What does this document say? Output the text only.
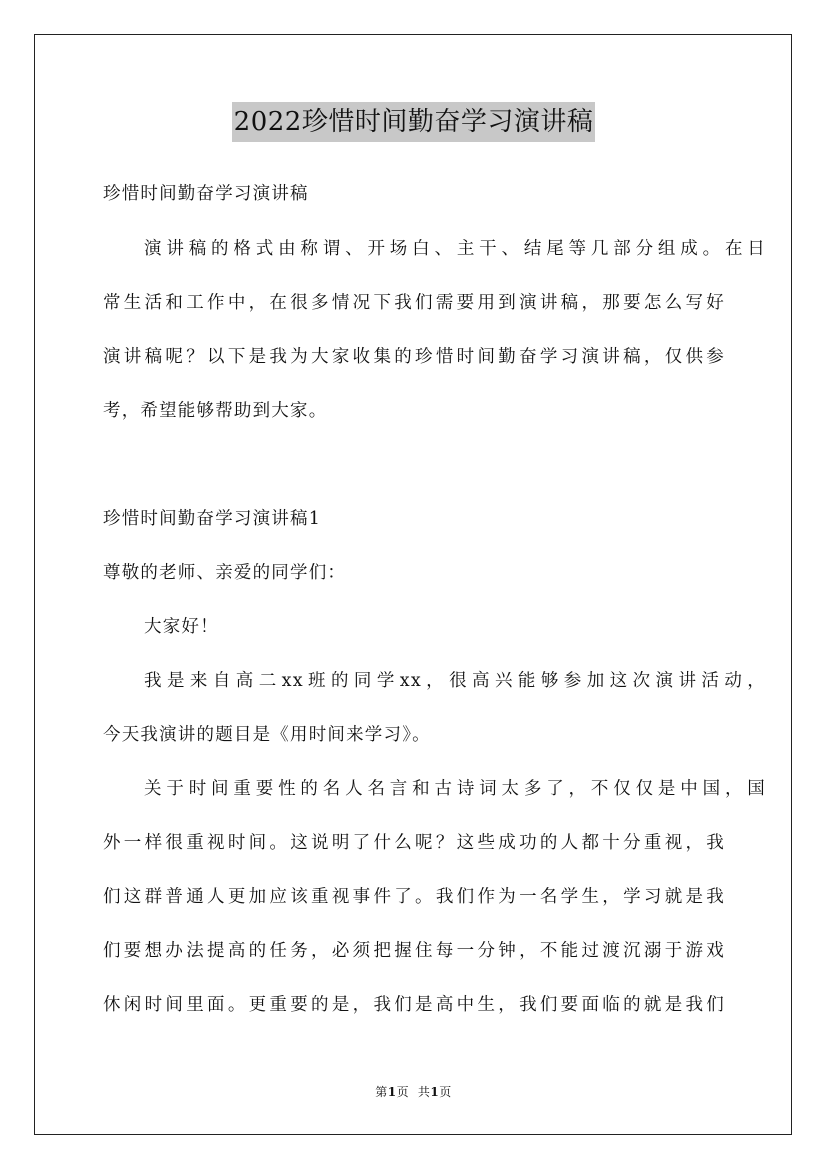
2022珍惜时间勤奋学习演讲稿
珍惜时间勤奋学习演讲稿
演讲稿的格式由称谓、开场白、主干、结尾等几部分组成。在日
常生活和工作中，在很多情况下我们需要用到演讲稿，那要怎么写好
演讲稿呢？以下是我为大家收集的珍惜时间勤奋学习演讲稿，仅供参
考，希望能够帮助到大家。
珍惜时间勤奋学习演讲稿1
尊敬的老师、亲爱的同学们：
大家好！
我是来自高二xx班的同学xx，很高兴能够参加这次演讲活动，
今天我演讲的题目是《用时间来学习》。
关于时间重要性的名人名言和古诗词太多了，不仅仅是中国，国
外一样很重视时间。这说明了什么呢？这些成功的人都十分重视，我
们这群普通人更加应该重视事件了。我们作为一名学生，学习就是我
们要想办法提高的任务，必须把握住每一分钟，不能过渡沉溺于游戏
休闲时间里面。更重要的是，我们是高中生，我们要面临的就是我们
第1页 共1页
